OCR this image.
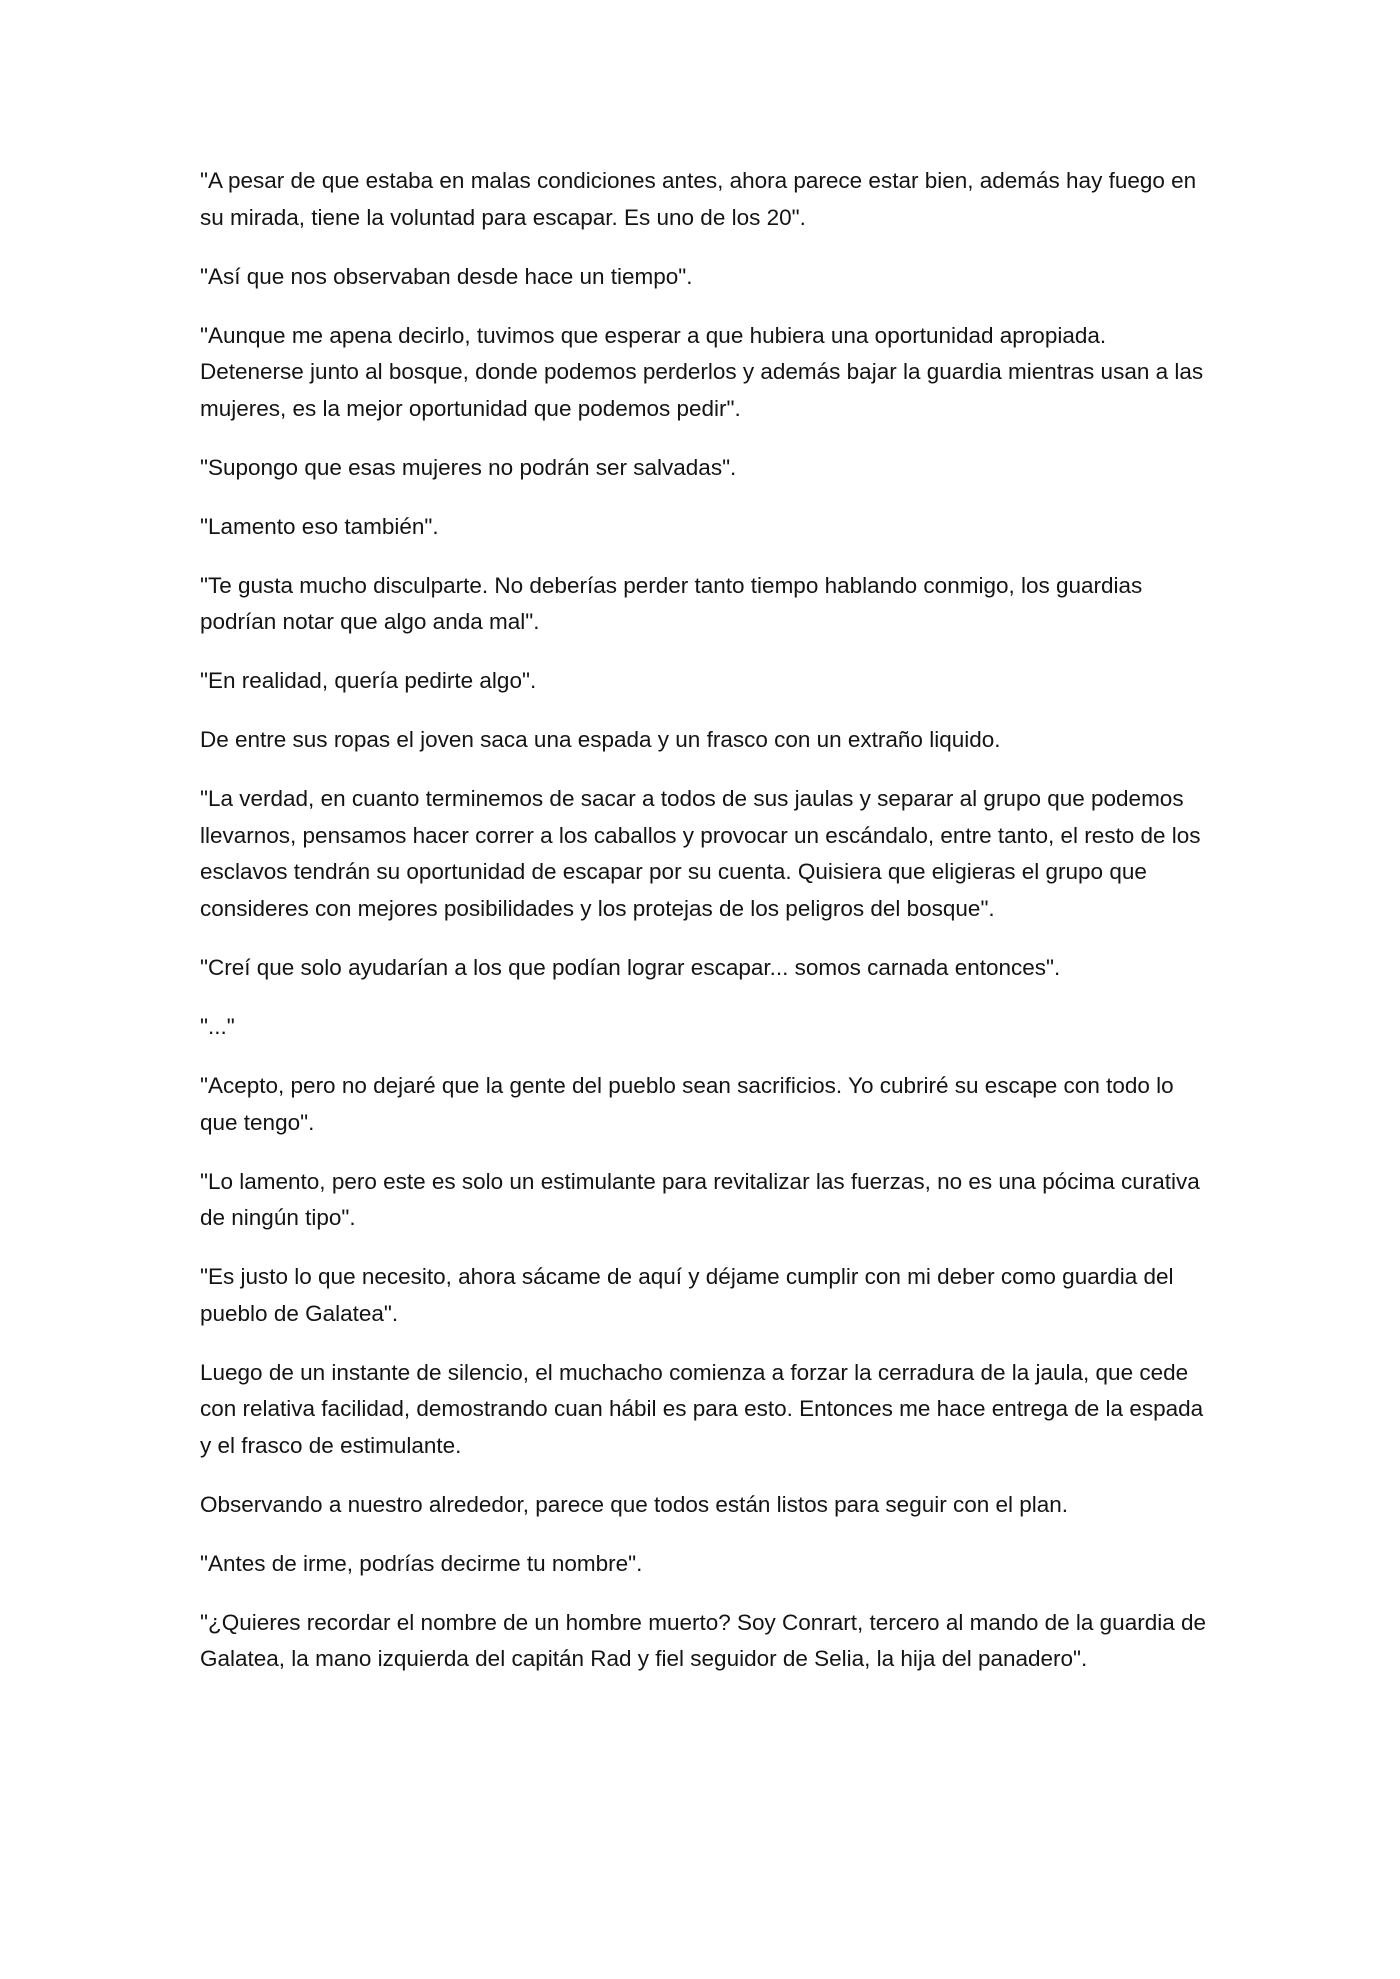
"A pesar de que estaba en malas condiciones antes, ahora parece estar bien, además hay fuego en su mirada, tiene la voluntad para escapar. Es uno de los 20".

"Así que nos observaban desde hace un tiempo".

"Aunque me apena decirlo, tuvimos que esperar a que hubiera una oportunidad apropiada. Detenerse junto al bosque, donde podemos perderlos y además bajar la guardia mientras usan a las mujeres, es la mejor oportunidad que podemos pedir".

"Supongo que esas mujeres no podrán ser salvadas".

"Lamento eso también".

"Te gusta mucho disculparte. No deberías perder tanto tiempo hablando conmigo, los guardias podrían notar que algo anda mal".

"En realidad, quería pedirte algo".

De entre sus ropas el joven saca una espada y un frasco con un extraño liquido.

"La verdad, en cuanto terminemos de sacar a todos de sus jaulas y separar al grupo que podemos llevarnos, pensamos hacer correr a los caballos y provocar un escándalo, entre tanto, el resto de los esclavos tendrán su oportunidad de escapar por su cuenta. Quisiera que eligieras el grupo que consideres con mejores posibilidades y los protejas de los peligros del bosque".

"Creí que solo ayudarían a los que podían lograr escapar... somos carnada entonces".

"..."

"Acepto, pero no dejaré que la gente del pueblo sean sacrificios. Yo cubriré su escape con todo lo que tengo".

"Lo lamento, pero este es solo un estimulante para revitalizar las fuerzas, no es una pócima curativa de ningún tipo".

"Es justo lo que necesito, ahora sácame de aquí y déjame cumplir con mi deber como guardia del pueblo de Galatea".

Luego de un instante de silencio, el muchacho comienza a forzar la cerradura de la jaula, que cede con relativa facilidad, demostrando cuan hábil es para esto. Entonces me hace entrega de la espada y el frasco de estimulante.

Observando a nuestro alrededor, parece que todos están listos para seguir con el plan.

"Antes de irme, podrías decirme tu nombre".

"¿Quieres recordar el nombre de un hombre muerto? Soy Conrart, tercero al mando de la guardia de Galatea, la mano izquierda del capitán Rad y fiel seguidor de Selia, la hija del panadero".
